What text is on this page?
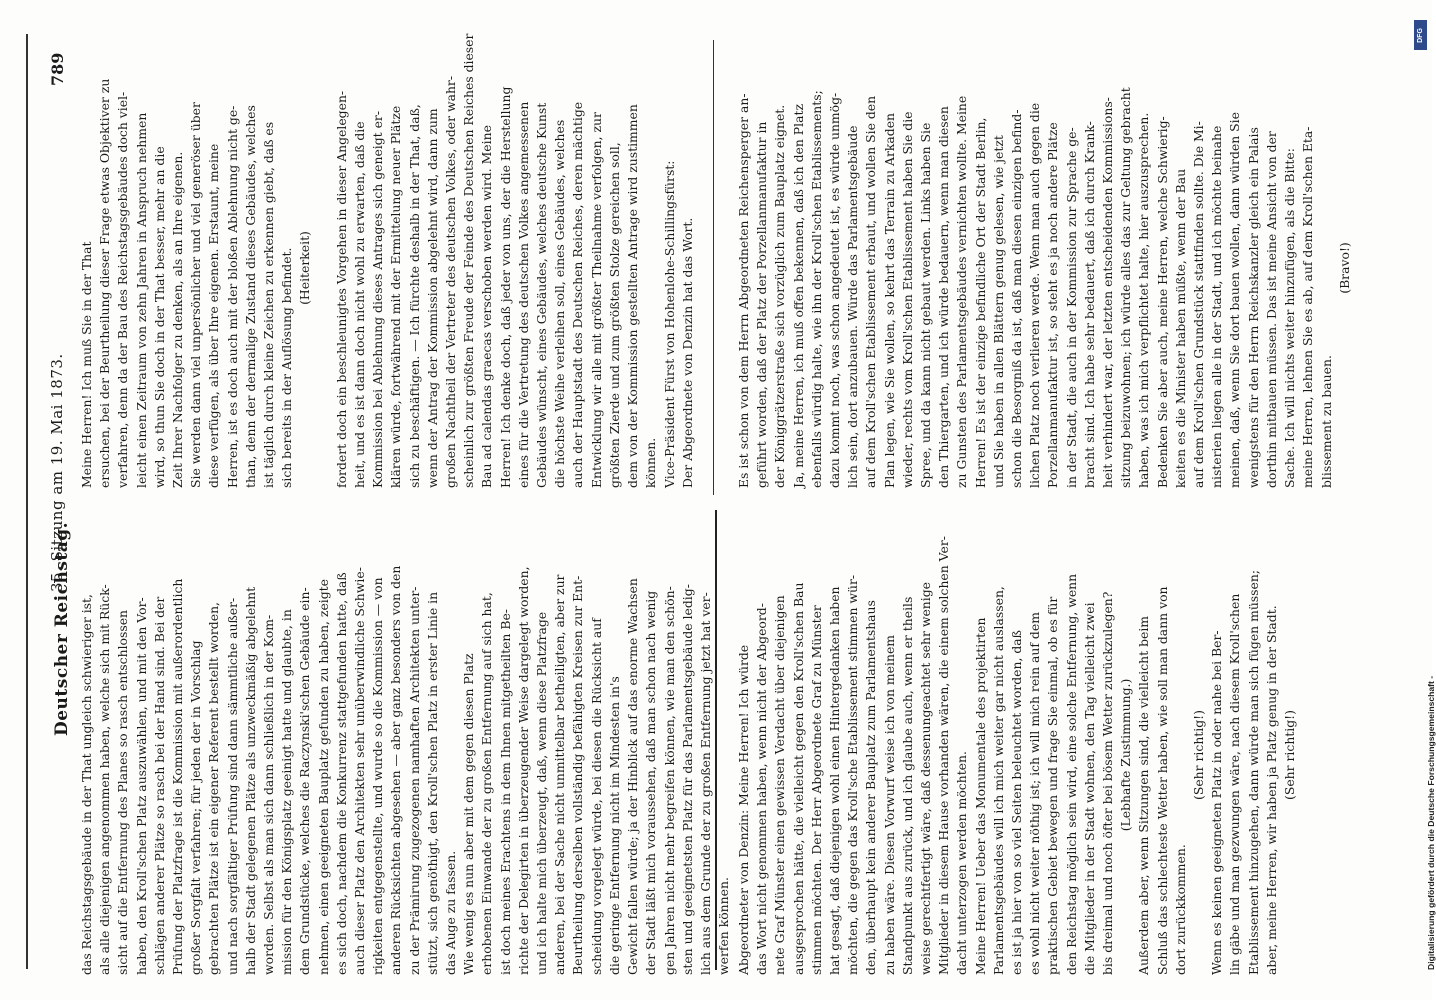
Deutscher Reichstag.
35. Sitzung am 19. Mai 1873.
789
das Reichstagsgebäude in der That ungleich schwieriger ist, als alle diejenigen angenommen haben, welche sich mit Rück- sicht auf die Entfernung des Planes so rasch entschlossen haben, den Kroll'schen Platz auszuwählen, und mit den Vor- schlägen anderer Plätze so rasch bei der Hand sind. Bei der Prüfung der Platzfrage ist die Kommission mit außerordentlich großer Sorgfalt verfahren; für jeden der in Vorschlag gebrachten Plätze ist ein eigener Referent bestellt worden, und nach sorgfältiger Prüfung sind dann sämmtliche außer- halb der Stadt gelegenen Plätze als unzweckmäßig abgelehnt worden. Selbst als man sich dann schließlich in der Kom- mission für den Königsplatz geeinigt hatte und glaubte, in dem Grundstücke, welches die Raczynski'schen Gebäude ein- nehmen, einen geeigneten Bauplatz gefunden zu haben, zeigte es sich doch, nachdem die Konkurrenz stattgefunden hatte, daß auch dieser Platz den Architekten sehr unüberwindliche Schwie- rigkeiten entgegenstellte, und wurde so die Kommission — von anderen Rücksichten abgesehen — aber ganz besonders von den zu der Prämirung zugezogenen namhaften Architekten unter- stützt, sich genöthigt, den Kroll'schen Platz in erster Linie in das Auge zu fassen. Wie wenig es nun aber mit dem gegen diesen Platz erhobenen Einwande der zu großen Entfernung auf sich hat, ist doch meines Erachtens in dem Ihnen mitgetheilten Be- richte der Delegirten in überzeugender Weise dargelegt worden, und ich halte mich überzeugt, daß, wenn diese Platzfrage anderen, bei der Sache nicht unmittelbar betheiligten, aber zur Beurtheilung derselben vollständig befähigten Kreisen zur Ent- scheidung vorgelegt würde, bei diesen die Rücksicht auf die geringe Entfernung nicht im Mindesten in's Gewicht fallen würde; ja der Hinblick auf das enorme Wachsen der Stadt läßt mich voraussehen, daß man schon nach wenig gen Jahren nicht mehr begreifen können, wie man den schön- sten und geeignetsten Platz für das Parlamentsgebäude ledig- lich aus dem Grunde der zu großen Entfernung jetzt hat ver- werfen können.
Meine Herren! Ich muß Sie in der That ersuchen, bei der Beurtheilung dieser Frage etwas Objektiver zu verfahren, denn da der Bau des Reichstagsgebäudes doch viel- leicht einen Zeitraum von zehn Jahren in Anspruch nehmen wird, so thun Sie doch in der That besser, mehr an die Zeit Ihrer Nachfolger zu denken, als an Ihre eigenen. Sie werden dann viel unpersönlicher und viel generöser über diese verfügen, als über Ihre eigenen. Erstaunt, meine Herren, ist es doch auch mit der bloßen Ablehnung nicht ge- than, denn der dermalige Zustand dieses Gebäudes, welches ist täglich durch kleine Zeichen zu erkennen giebt, daß es sich bereits in der Auflösung befindet. (Heiterkeit)
fordert doch ein beschleunigtes Vorgehen in dieser Angelegen- heit, und es ist dann doch nicht wohl zu erwarten, daß die Kommission bei Ablehnung dieses Antrages sich geneigt er- klären würde, fortwährend mit der Ermittelung neuer Plätze sich zu beschäftigen. — Ich fürchte deshalb in der That, daß, wenn der Antrag der Kommission abgelehnt wird, dann zum großen Nachtheil der Vertreter des deutschen Volkes, oder wahr- scheinlich zur größten Freude der Feinde des Deutschen Reiches dieser Bau ad calendas graecas verschoben werden wird. Meine Herren! Ich denke doch, daß jeder von uns, der die Herstellung eines für die Vertretung des deutschen Volkes angemessenen Gebäudes wünscht, eines Gebäudes, welches deutsche Kunst die höchste Weihe verleihen soll, eines Gebäudes, welches auch der Hauptstadt des Deutschen Reiches, deren mächtige Entwicklung wir alle mit größter Theilnahme verfolgen, zur größten Zierde und zum größten Stolze gereichen soll, dem von der Kommission gestellten Antrage wird zustimmen können. Vice-Präsident Fürst von Hohenlohe-Schillingsfürst: Der Abgeordnete von Denzin hat das Wort.
Abgeordneter von Denzin: Meine Herren! Ich würde das Wort nicht genommen haben, wenn nicht der Abgeord- nete Graf Münster einen gewissen Verdacht über diejenigen ausgesprochen hätte, die vielleicht gegen den Kroll'schen Bau stimmen möchten. Der Herr Abgeordnete Graf zu Münster hat gesagt, daß diejenigen wohl einen Hintergedanken haben möchten, die gegen das Kroll'sche Etablissement stimmen wür- den, überhaupt kein anderer Bauplatz zum Parlamentshaus zu haben wäre. Diesen Vorwurf weise ich von meinem Standpunkt aus zurück, und ich glaube auch, wenn er theils weise gerechtfertigt wäre, daß dessenungeachtet sehr wenige Mitglieder in diesem Hause vorhanden wären, die einem solchen Ver- dacht unterzogen werden möchten. Meine Herren! Ueber das Monumentale des projektirten Parlamentsgebäudes will ich mich weiter gar nicht auslassen, es ist ja hier von so viel Seiten beleuchtet worden, daß es wohl nicht weiter nöthig ist; ich will mich rein auf dem praktischen Gebiet bewegen und frage Sie einmal, ob es für den Reichstag möglich sein wird, eine solche Entfernung, wenn die Mitglieder in der Stadt wohnen, den Tag vielleicht zwei bis dreimal und noch öfter bei bösem Wetter zurückzulegen? (Lebhafte Zustimmung.) Außerdem aber, wenn Sitzungen sind, die vielleicht beim Schluß das schlechteste Wetter haben, wie soll man dann von dort zurückkommen.
(Sehr richtig!) Wenn es keinen geeigneten Platz in oder nahe bei Ber- lin gäbe und man gezwungen wäre, nach diesem Kroll'schen Etablissement hinzugehen, dann würde man sich fügen müssen; aber, meine Herren, wir haben ja Platz genug in der Stadt. (Sehr richtig!)
Es ist schon von dem Herrn Abgeordneten Reichensperger an- geführt worden, daß der Platz der Porzellanmanufaktur in der Königgrätzerstraße sich vorzüglich zum Bauplatz eignet. Ja, meine Herren, ich muß offen bekennen, daß ich den Platz ebenfalls würdig halte, wie ihn der Kroll'schen Etablissements; dazu kommt noch, was schon angedeutet ist, es würde unmög- lich sein, dort anzubauen. Würde das Parlamentsgebäude auf dem Kroll'schen Etablissement erbaut, und wollen Sie den Plan legen, wie Sie wollen, so kehrt das Terrain zu Arkaden wieder, rechts vom Kroll'schen Etablissement haben Sie die Spree, und da kann nicht gebaut werden. Links haben Sie den Thiergarten, und ich würde bedauern, wenn man diesen zu Gunsten des Parlamentsgebäudes vernichten wollte. Meine Herren! Es ist der einzige befindliche Ort der Stadt Berlin, und Sie haben in allen Blättern genug gelesen, wie jetzt schon die Besorgniß da ist, daß man diesen einzigen befind- lichen Platz noch verlieren werde. Wenn man auch gegen die Porzellanmanufaktur ist, so steht es ja noch andere Plätze in der Stadt, die auch in der Kommission zur Sprache ge- bracht sind. Ich habe sehr bedauert, daß ich durch Krank- heit verhindert war, der letzten entscheidenden Kommissions- sitzung beizuwohnen; ich würde alles das zur Geltung gebracht haben, was ich mich verpflichtet halte, hier auszusprechen. Bedenken Sie aber auch, meine Herren, welche Schwierig- keiten es die Minister haben müßte, wenn der Bau auf dem Kroll'schen Grundstück stattfinden sollte. Die Mi- nisterien liegen alle in der Stadt, und ich möchte beinahe meinen, daß, wenn Sie dort bauen wollen, dann würden Sie wenigstens für den Herrn Reichskanzler gleich ein Palais dorthin mitbauen müssen. Das ist meine Ansicht von der Sache. Ich will nichts weiter hinzufügen, als die Bitte: meine Herren, lehnen Sie es ab, auf dem Kroll'schen Eta- blissement zu bauen.
(Bravo!)
Digitalisierung gefördert durch die Deutsche Forschungsgemeinschaft -
DFG
